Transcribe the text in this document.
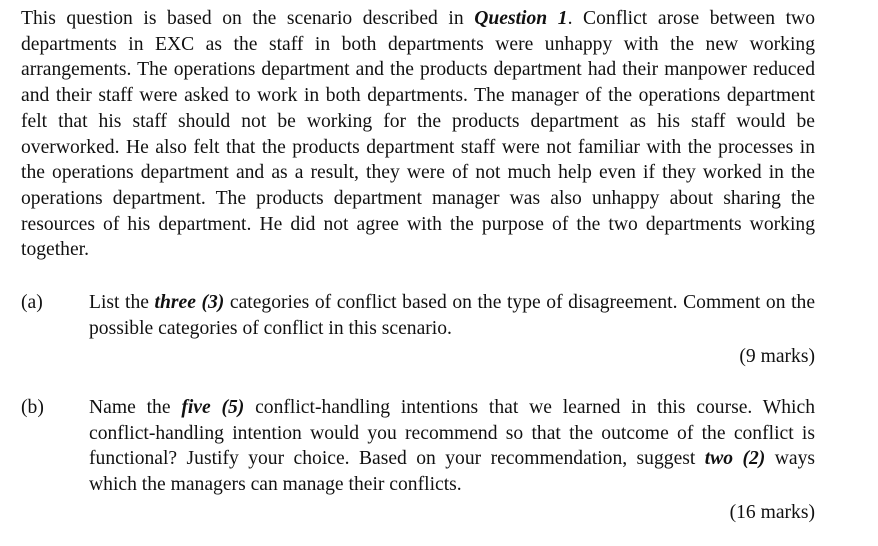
This question is based on the scenario described in Question 1. Conflict arose between two departments in EXC as the staff in both departments were unhappy with the new working arrangements. The operations department and the products department had their manpower reduced and their staff were asked to work in both departments. The manager of the operations department felt that his staff should not be working for the products department as his staff would be overworked. He also felt that the products department staff were not familiar with the processes in the operations department and as a result, they were of not much help even if they worked in the operations department. The products department manager was also unhappy about sharing the resources of his department. He did not agree with the purpose of the two departments working together.

(a) List the three (3) categories of conflict based on the type of disagreement. Comment on the possible categories of conflict in this scenario.
(9 marks)
(b) Name the five (5) conflict-handling intentions that we learned in this course. Which conflict-handling intention would you recommend so that the outcome of the conflict is functional? Justify your choice. Based on your recommendation, suggest two (2) ways which the managers can manage their conflicts.
(16 marks)
